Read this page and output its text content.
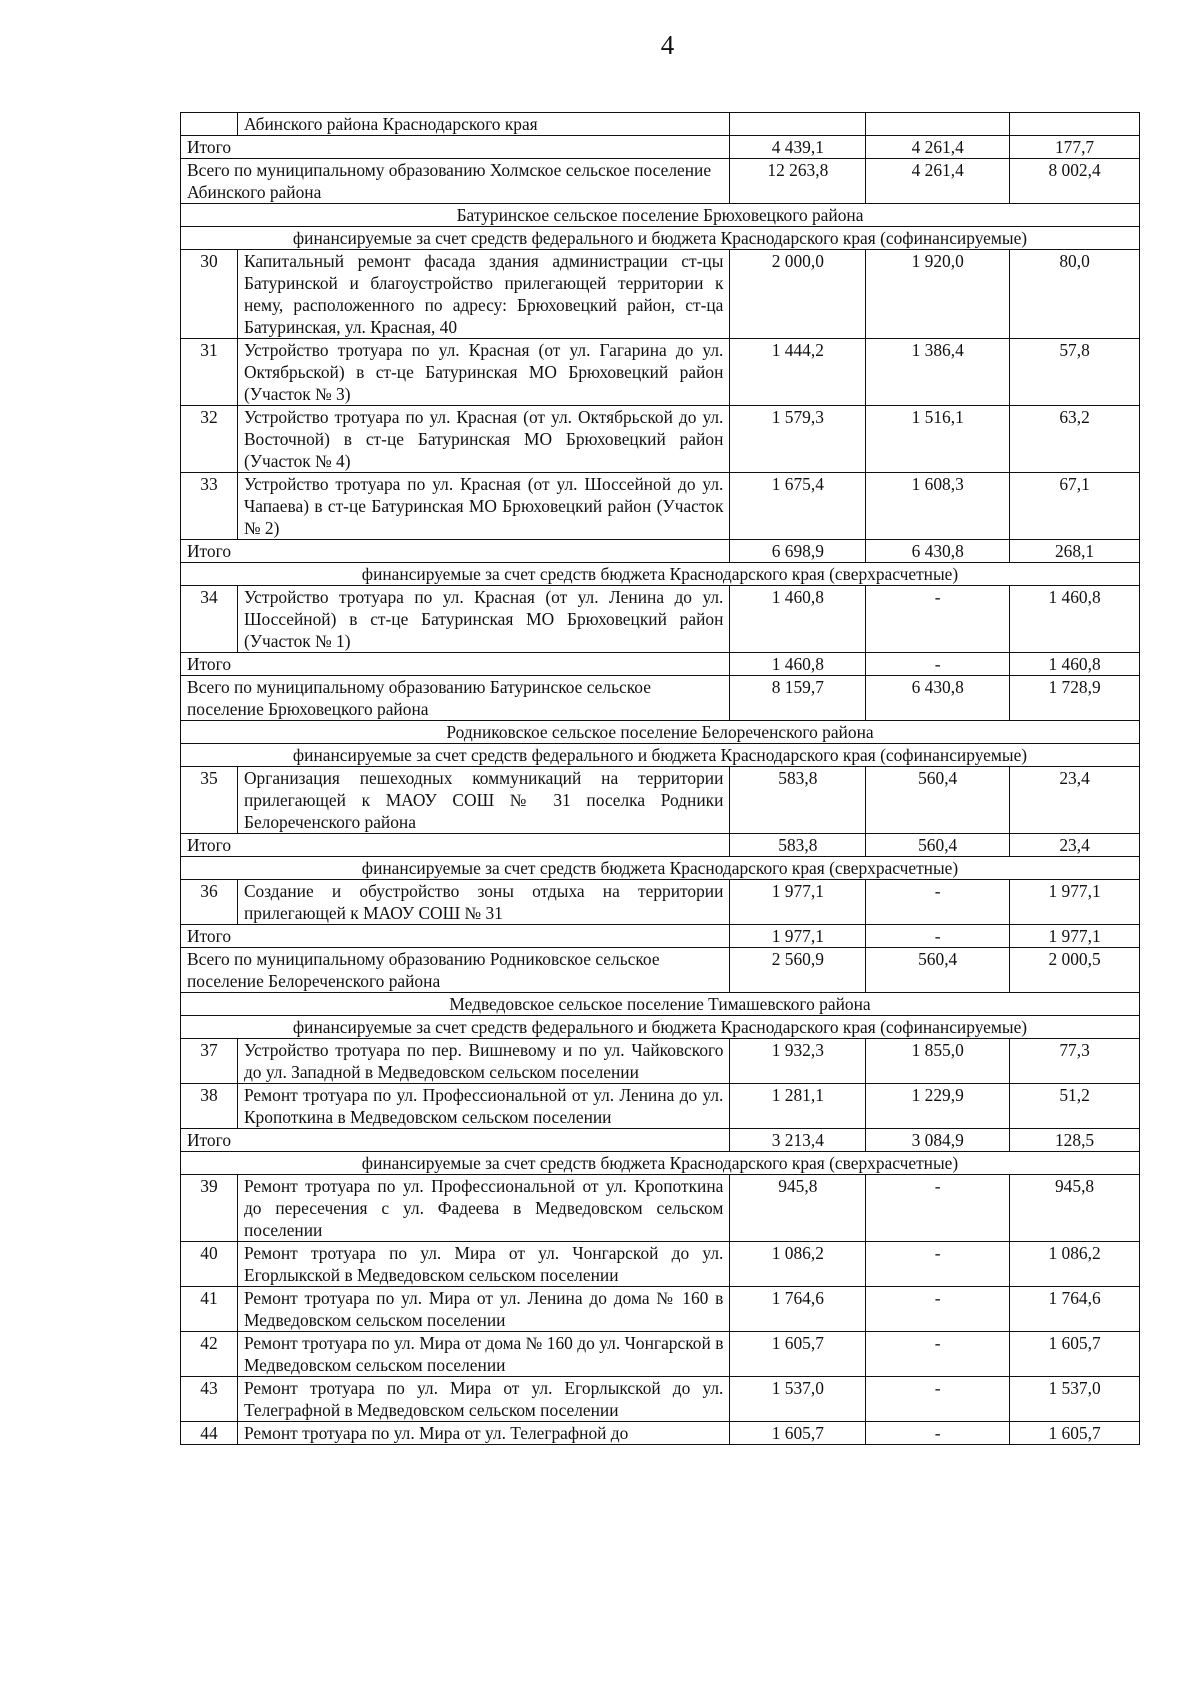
4
	Абинского района Краснодарского края			
Итого		4 439,1	4 261,4	177,7
Всего по муниципальному образованию Холмское сельское поселение Абинского района		12 263,8	4 261,4	8 002,4
Батуринское сельское поселение Брюховецкого района				
финансируемые за счет средств федерального и бюджета Краснодарского края (софинансируемые)				
30	Капитальный ремонт фасада здания администрации ст-цы Батуринской и благоустройство прилегающей территории к нему, расположенного по адресу: Брюховецкий район, ст-ца Батуринская, ул. Красная, 40	2 000,0	1 920,0	80,0
31	Устройство тротуара по ул. Красная (от ул. Гагарина до ул. Октябрьской) в ст-це Батуринская МО Брюховецкий район (Участок № 3)	1 444,2	1 386,4	57,8
32	Устройство тротуара по ул. Красная (от ул. Октябрьской до ул. Восточной) в ст-це Батуринская МО Брюховецкий район (Участок № 4)	1 579,3	1 516,1	63,2
33	Устройство тротуара по ул. Красная (от ул. Шоссейной до ул. Чапаева) в ст-це Батуринская МО Брюховецкий район (Участок № 2)	1 675,4	1 608,3	67,1
Итого		6 698,9	6 430,8	268,1
финансируемые за счет средств бюджета Краснодарского края (сверхрасчетные)				
34	Устройство тротуара по ул. Красная (от ул. Ленина до ул. Шоссейной) в ст-це Батуринская МО Брюховецкий район (Участок № 1)	1 460,8	-	1 460,8
Итого		1 460,8	-	1 460,8
Всего по муниципальному образованию Батуринское сельское поселение Брюховецкого района		8 159,7	6 430,8	1 728,9
Родниковское сельское поселение Белореченского района				
финансируемые за счет средств федерального и бюджета Краснодарского края (софинансируемые)				
35	Организация пешеходных коммуникаций на территории прилегающей к МАОУ СОШ № 31 поселка Родники Белореченского района	583,8	560,4	23,4
Итого		583,8	560,4	23,4
финансируемые за счет средств бюджета Краснодарского края (сверхрасчетные)				
36	Создание и обустройство зоны отдыха на территории прилегающей к МАОУ СОШ № 31	1 977,1	-	1 977,1
Итого		1 977,1	-	1 977,1
Всего по муниципальному образованию Родниковское сельское поселение Белореченского района		2 560,9	560,4	2 000,5
Медведовское сельское поселение Тимашевского района				
финансируемые за счет средств федерального и бюджета Краснодарского края (софинансируемые)				
37	Устройство тротуара по пер. Вишневому и по ул. Чайковского до ул. Западной в Медведовском сельском поселении	1 932,3	1 855,0	77,3
38	Ремонт тротуара по ул. Профессиональной от ул. Ленина до ул. Кропоткина в Медведовском сельском поселении	1 281,1	1 229,9	51,2
Итого		3 213,4	3 084,9	128,5
финансируемые за счет средств бюджета Краснодарского края (сверхрасчетные)				
39	Ремонт тротуара по ул. Профессиональной от ул. Кропоткина до пересечения с ул. Фадеева в Медведовском сельском поселении	945,8	-	945,8
40	Ремонт тротуара по ул. Мира от ул. Чонгарской до ул. Егорлыкской в Медведовском сельском поселении	1 086,2	-	1 086,2
41	Ремонт тротуара по ул. Мира от ул. Ленина до дома № 160 в Медведовском сельском поселении	1 764,6	-	1 764,6
42	Ремонт тротуара по ул. Мира от дома № 160 до ул. Чонгарской в Медведовском сельском поселении	1 605,7	-	1 605,7
43	Ремонт тротуара по ул. Мира от ул. Егорлыкской до ул. Телеграфной в Медведовском сельском поселении	1 537,0	-	1 537,0
44	Ремонт тротуара по ул. Мира от ул. Телеграфной до	1 605,7	-	1 605,7
